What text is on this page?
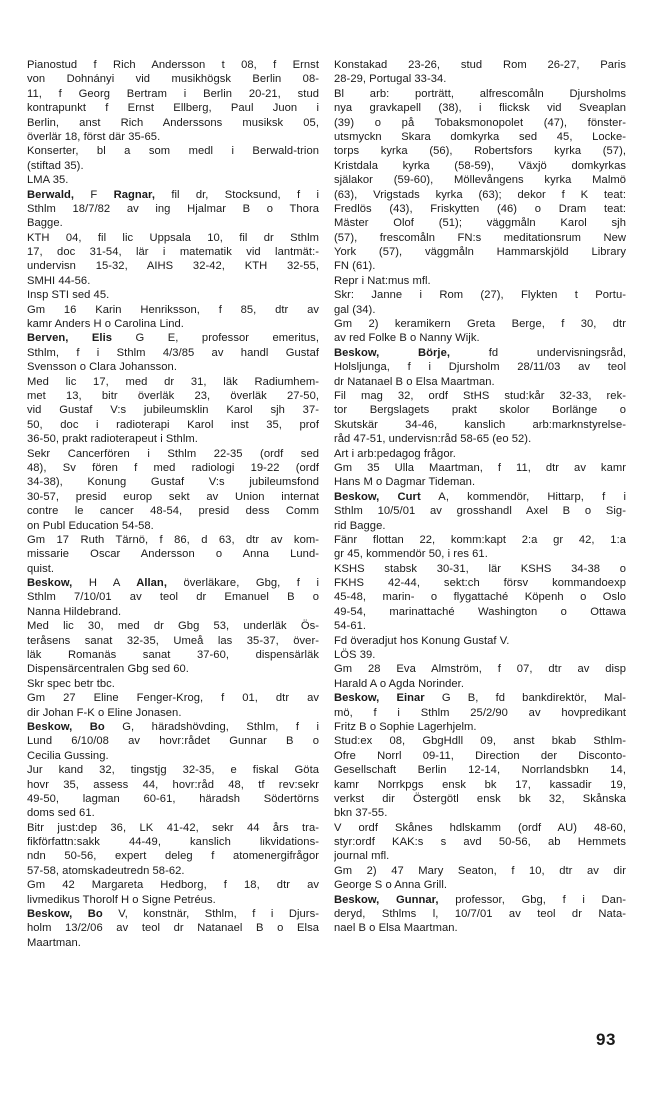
Pianostud f Rich Andersson t 08, f Ernst
von Dohnányi vid musikhögsk Berlin 08-
11, f Georg Bertram i Berlin 20-21, stud
kontrapunkt f Ernst Ellberg, Paul Juon i
Berlin, anst Rich Anderssons musiksk 05,
överlär 18, först där 35-65.
Konserter, bl a som medl i Berwald-trion
(stiftad 35).
LMA 35.
Berwald, F Ragnar, fil dr, Stocksund, f i
Sthlm 18/7/82 av ing Hjalmar B o Thora
Bagge.
KTH 04, fil lic Uppsala 10, fil dr Sthlm
17, doc 31-54, lär i matematik vid lantmät:-
undervisn 15-32, AIHS 32-42, KTH 32-55,
SMHI 44-56.
Insp STI sed 45.
Gm 16 Karin Henriksson, f 85, dtr av
kamr Anders H o Carolina Lind.
Berven, Elis G E, professor emeritus,
Sthlm, f i Sthlm 4/3/85 av handl Gustaf
Svensson o Clara Johansson.
Med lic 17, med dr 31, läk Radiumhem-
met 13, bitr överläk 23, överläk 27-50,
vid Gustaf V:s jubileumsklin Karol sjh 37-
50, doc i radioterapi Karol inst 35, prof
36-50, prakt radioterapeut i Sthlm.
Sekr Cancerfören i Sthlm 22-35 (ordf sed
48), Sv fören f med radiologi 19-22 (ordf
34-38), Konung Gustaf V:s jubileumsfond
30-57, presid europ sekt av Union internat
contre le cancer 48-54, presid dess Comm
on Publ Education 54-58.
Gm 17 Ruth Tärnö, f 86, d 63, dtr av kom-
missarie Oscar Andersson o Anna Lund-
quist.
Beskow, H A Allan, överläkare, Gbg, f i
Sthlm 7/10/01 av teol dr Emanuel B o
Nanna Hildebrand.
Med lic 30, med dr Gbg 53, underläk Ös-
teråsens sanat 32-35, Umeå las 35-37, över-
läk Romanäs sanat 37-60, dispensärläk
Dispensärcentralen Gbg sed 60.
Skr spec betr tbc.
Gm 27 Eline Fenger-Krog, f 01, dtr av
dir Johan F-K o Eline Jonasen.
Beskow, Bo G, häradshövding, Sthlm, f i
Lund 6/10/08 av hovr:rådet Gunnar B o
Cecilia Gussing.
Jur kand 32, tingstjg 32-35, e fiskal Göta
hovr 35, assess 44, hovr:råd 48, tf rev:sekr
49-50, lagman 60-61, häradsh Södertörns
doms sed 61.
Bitr just:dep 36, LK 41-42, sekr 44 års tra-
fikförfattn:sakk 44-49, kanslich likvidations-
ndn 50-56, expert deleg f atomenergifrågor
57-58, atomskadeutredn 58-62.
Gm 42 Margareta Hedborg, f 18, dtr av
livmedikus Thorolf H o Signe Petréus.
Beskow, Bo V, konstnär, Sthlm, f i Djurs-
holm 13/2/06 av teol dr Natanael B o Elsa
Maartman.
Konstakad 23-26, stud Rom 26-27, Paris
28-29, Portugal 33-34.
Bl arb: porträtt, alfrescomåln Djursholms
nya gravkapell (38), i flicksk vid Sveaplan
(39) o på Tobaksmonopolet (47), fönster-
utsmyckn Skara domkyrka sed 45, Locke-
torps kyrka (56), Robertsfors kyrka (57),
Kristdala kyrka (58-59), Växjö domkyrkas
själakor (59-60), Möllevångens kyrka Malmö
(63), Vrigstads kyrka (63); dekor f K teat:
Fredlös (43), Friskytten (46) o Dram teat:
Mäster Olof (51); väggmåln Karol sjh
(57), frescomåln FN:s meditationsrum New
York (57), väggmåln Hammarskjöld Library
FN (61).
Repr i Nat:mus mfl.
Skr: Janne i Rom (27), Flykten t Portu-
gal (34).
Gm 2) keramikern Greta Berge, f 30, dtr
av red Folke B o Nanny Wijk.
Beskow, Börje, fd undervisningsråd,
Holsljunga, f i Djursholm 28/11/03 av teol
dr Natanael B o Elsa Maartman.
Fil mag 32, ordf StHS stud:kår 32-33, rek-
tor Bergslagets prakt skolor Borlänge o
Skutskär 34-46, kanslich arb:marknstyrelse-
råd 47-51, undervisn:råd 58-65 (eo 52).
Art i arb:pedagog frågor.
Gm 35 Ulla Maartman, f 11, dtr av kamr
Hans M o Dagmar Tideman.
Beskow, Curt A, kommendör, Hittarp, f i
Sthlm 10/5/01 av grosshandl Axel B o Sig-
rid Bagge.
Fänr flottan 22, komm:kapt 2:a gr 42, 1:a
gr 45, kommendör 50, i res 61.
KSHS stabsk 30-31, lär KSHS 34-38 o
FKHS 42-44, sekt:ch försv kommandoexp
45-48, marin- o flygattaché Köpenh o Oslo
49-54, marinattaché Washington o Ottawa
54-61.
Fd överadjut hos Konung Gustaf V.
LÖS 39.
Gm 28 Eva Almström, f 07, dtr av disp
Harald A o Agda Norinder.
Beskow, Einar G B, fd bankdirektör, Mal-
mö, f i Sthlm 25/2/90 av hovpredikant
Fritz B o Sophie Lagerhjelm.
Stud:ex 08, GbgHdll 09, anst bkab Sthlm-
Ofre Norrl 09-11, Direction der Disconto-
Gesellschaft Berlin 12-14, Norrlandsbkn 14,
kamr Norrkpgs ensk bk 17, kassadir 19,
verkst dir Östergötl ensk bk 32, Skånska
bkn 37-55.
V ordf Skånes hdlskamm (ordf AU) 48-60,
styr:ordf KAK:s s avd 50-56, ab Hemmets
journal mfl.
Gm 2) 47 Mary Seaton, f 10, dtr av dir
George S o Anna Grill.
Beskow, Gunnar, professor, Gbg, f i Dan-
deryd, Sthlms l, 10/7/01 av teol dr Nata-
nael B o Elsa Maartman.
93
